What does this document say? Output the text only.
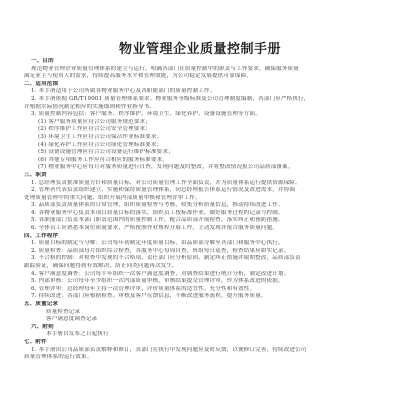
物业管理企业质量控制手册
一、目的
规范物业管理企业质量管理体系的建立与运行，明确各部门在质量控制中的职责与工作要求，确保服务质量
满足业主与使用人的需求，持续提高服务水平和管理效能，为公司稳定发展提供可靠保障。
二、适用范围
1. 本手册适用于公司所属各物业服务中心及各职能部门的质量控制工作。
2. 本手册依据 GB/T19001 质量管理体系要求、物业服务等级标准及公司管理制度编制，各部门应严格执行，
并根据实际情况制定相应的实施细则和作业指导书。
3. 质量控制内容包括：客户服务、秩序维护、环境卫生、绿化养护、设备设施管理等方面。
(1) 客户服务质量应符合公司服务规范要求；
(2) 秩序维护工作应符合公司安全管理要求；
(3) 环境卫生工作应符合公司保洁作业标准要求；
(4) 绿化养护工作应符合公司绿化管理标准要求；
(5) 设备设施管理应符合公司设备运行维护标准要求；
(6) 其他专项服务工作应符合相应的服务标准要求。
(7) 物业服务中心应每月对服务质量进行自查，发现问题及时整改，并将整改情况报公司品质部备案。
三、职责
1. 总经理负责批准质量方针和质量目标，对公司质量管理工作全面负责，并为质量体系运行提供资源保障。
2. 管理者代表负责组织建立、实施和保持质量管理体系，向总经理报告体系运行情况及改进需求，并协调
处理质量管理中的重大问题，组织开展内部质量审核和管理评审工作。
3. 品质部负责质量体系的日常管理，组织质量检查与考核，收集分析质量信息，推动持续改进工作。
4. 各物业服务中心负责本项目质量目标的落实，组织员工按标准作业，做好服务过程的记录与控制。
5. 各职能部门负责本部门职责范围内的质量控制工作，配合品质部开展检查，落实纠正和预防措施。
6. 全体员工应熟悉本岗位质量要求，严格按照作业规程开展工作，主动发现并报告服务质量问题。
四、工作程序
1. 质量目标的制定与分解：公司每年初制定年度质量目标，由品质部分解至各部门和服务中心执行。
2. 质量检查：品质部每月组织综合检查，各服务中心每周自查，班组每日巡查，检查结果应如实记录。
3. 不合格的控制：对检查中发现的不合格项，责任部门应分析原因，制定纠正措施并限期整改，品质部负责
跟踪验证，确保问题得到有效解决，防止同类问题再次发生。
4. 客户满意度调查：公司每半年组织一次客户满意度调查，对调查结果进行统计分析，制定改进计划。
5. 内部审核：公司每年至少组织一次内部质量审核，审核结果提交管理评审，作为体系改进的依据。
6. 管理评审：总经理每年主持一次管理评审，评价质量体系的适宜性、充分性和有效性。
7. 持续改进：各部门应根据检查、审核及客户反馈信息，不断改进服务流程，提升服务质量。
五、质量记录
质量检查记录
客户满意度调查记录
六、附则
本手册自发布之日起执行
七、附件
1. 本手册由公司品质部负责解释和修订，各部门在执行中发现问题应及时反馈，以便修订完善，持续改进公司
质量管理体系的运行效果。
